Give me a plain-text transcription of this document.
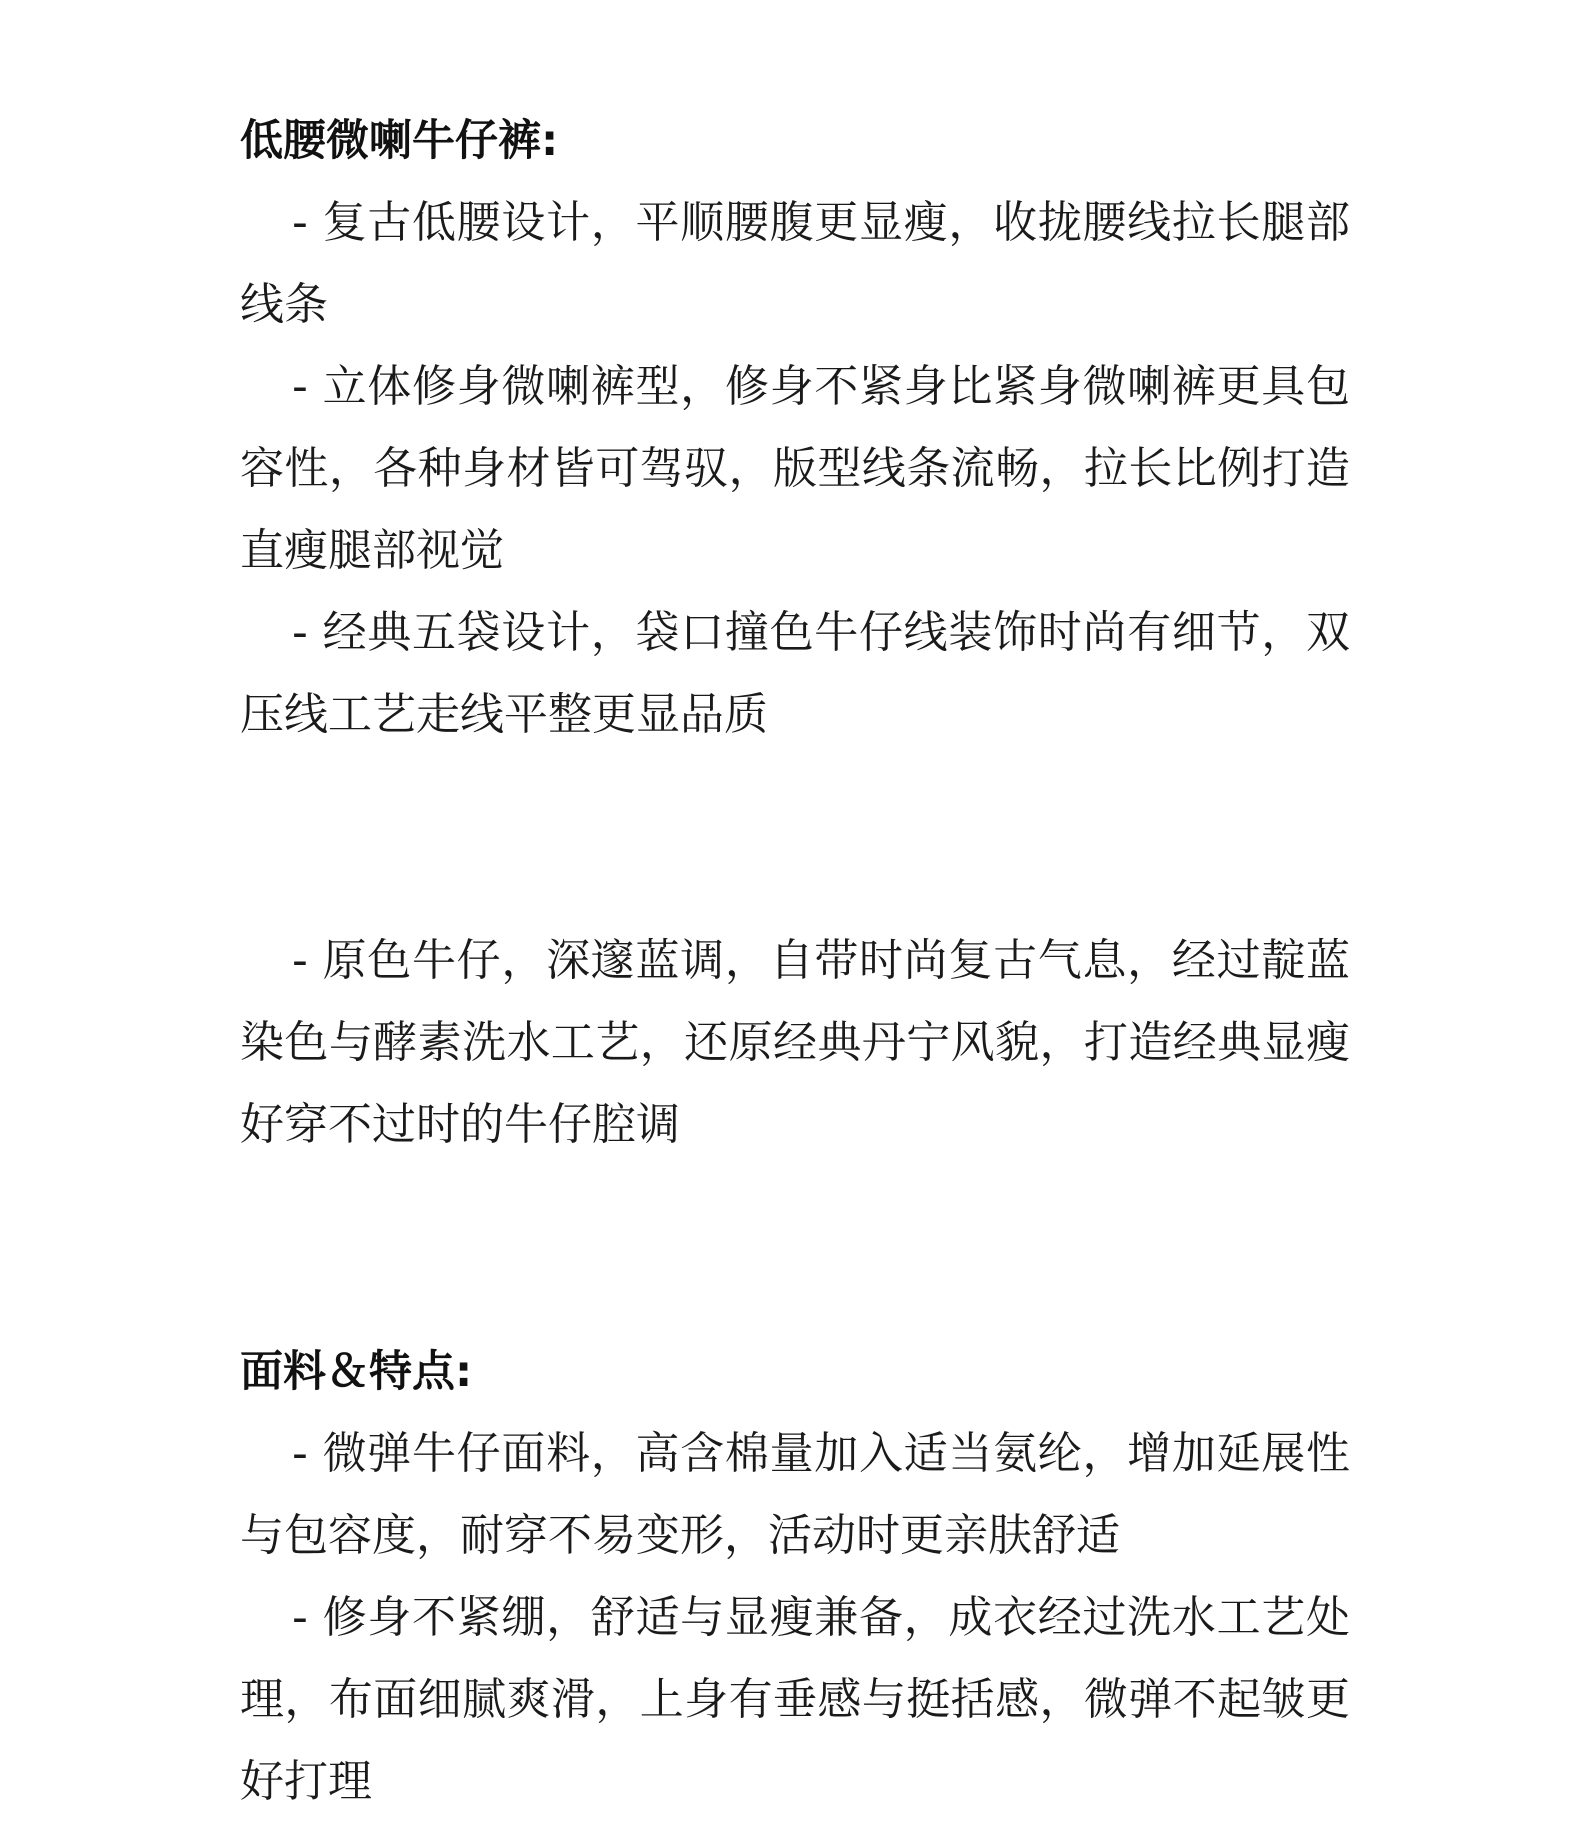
低腰微喇牛仔裤:

- 复古低腰设计，平顺腰腹更显瘦，收拢腰线拉长腿部线条

- 立体修身微喇裤型，修身不紧身比紧身微喇裤更具包容性，各种身材皆可驾驭，版型线条流畅，拉长比例打造直瘦腿部视觉

- 经典五袋设计，袋口撞色牛仔线装饰时尚有细节，双压线工艺走线平整更显品质

- 原色牛仔，深邃蓝调，自带时尚复古气息，经过靛蓝染色与酵素洗水工艺，还原经典丹宁风貌，打造经典显瘦好穿不过时的牛仔腔调

面料＆特点:

- 微弹牛仔面料，高含棉量加入适当氨纶，增加延展性与包容度，耐穿不易变形，活动时更亲肤舒适

- 修身不紧绷，舒适与显瘦兼备，成衣经过洗水工艺处理，布面细腻爽滑，上身有垂感与挺括感，微弹不起皱更好打理
